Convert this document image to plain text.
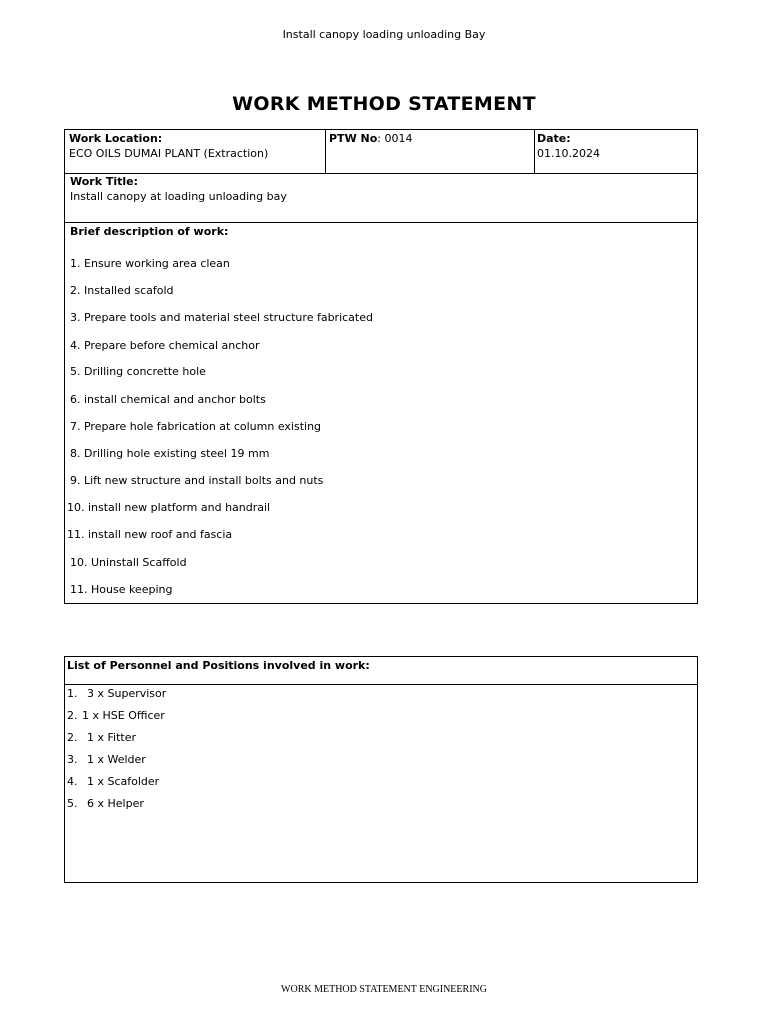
Install canopy loading unloading Bay
WORK METHOD STATEMENT
Work Location:
ECO OILS DUMAI PLANT (Extraction)
PTW No: 0014	Date:
01.10.2024
Work Title:
Install canopy at loading unloading bay
Brief description of work:
1. Ensure working area clean
2. Installed scafold
3. Prepare tools and material steel structure fabricated
4. Prepare before chemical anchor
5. Drilling concrette hole
6. install chemical and anchor bolts
7. Prepare hole fabrication at column existing
8. Drilling hole existing steel 19 mm
9. Lift new structure and install bolts and nuts
10. install new platform and handrail
11. install new roof and fascia
10. Uninstall Scaffold
11. House keeping
List of Personnel and Positions involved in work:
1. 3 x Supervisor
2. 1 x HSE Officer
2. 1 x Fitter
3. 1 x Welder
4. 1 x Scafolder
5. 6 x Helper
WORK METHOD STATEMENT ENGINEERING
